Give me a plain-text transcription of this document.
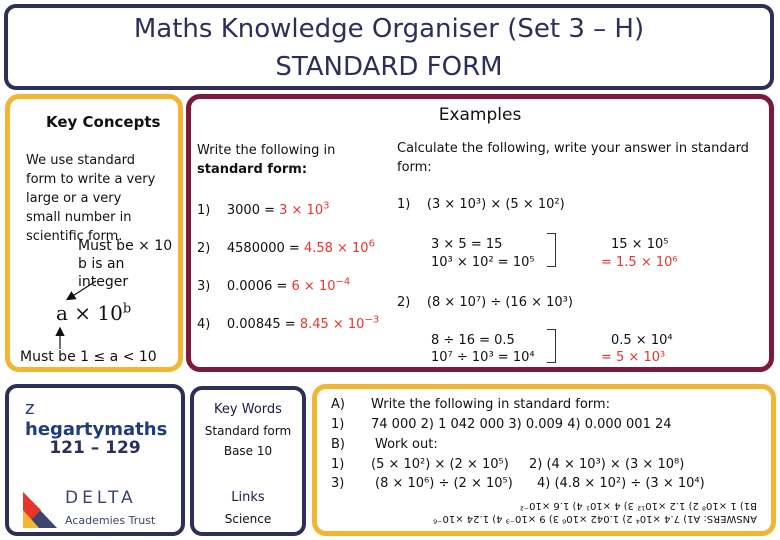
Maths Knowledge Organiser (Set 3 – H)
STANDARD FORM
Key Concepts
We use standard form to write a very large or a very small number in scientific form.
Must be × 10
b is an integer
$a \times 10^b$
Must be 1 ≤ a < 10
Examples
Write the following in
standard form:
1) $3000 = 3 \times 10^3$
2) $4580000 = 4.58 \times 10^6$
3) $0.0006 = 6 \times 10^{-4}$
4) $0.00845 = 8.45 \times 10^{-3}$
Calculate the following, write your answer in standard
form:
1) (3 × 10³) × (5 × 10²)
3 × 5 = 15
10³ × 10² = 10⁵
15 × 10⁵
= 1.5 × 10⁶
2) (8 × 10⁷) ÷ (16 × 10³)
8 ÷ 16 = 0.5
10⁷ ÷ 10³ = 10⁴
0.5 × 10⁴
= 5 × 10³
ᴢ hegartymaths
121 – 129
DELTA
Academies Trust
Key Words
Standard form
Base 10
Links
Science
A) Write the following in standard form:
1) 74 000 2) 1 042 000 3) 0.009 4) 0.000 001 24
B) Work out:
1) (5 × 10²) × (2 × 10⁵) 2) (4 × 10³) × (3 × 10⁸)
3) (8 × 10⁶) ÷ (2 × 10⁵) 4) (4.8 × 10²) ÷ (3 × 10⁴)
ANSWERS: A1) 7.4 ×10⁴ 2) 1.042 ×10⁶ 3) 9 ×10⁻³ 4) 1.24 ×10⁻⁶
B1) 1 ×10⁸ 2) 1.2 ×10¹² 3) 4 ×10¹ 4) 1.6 ×10⁻²
